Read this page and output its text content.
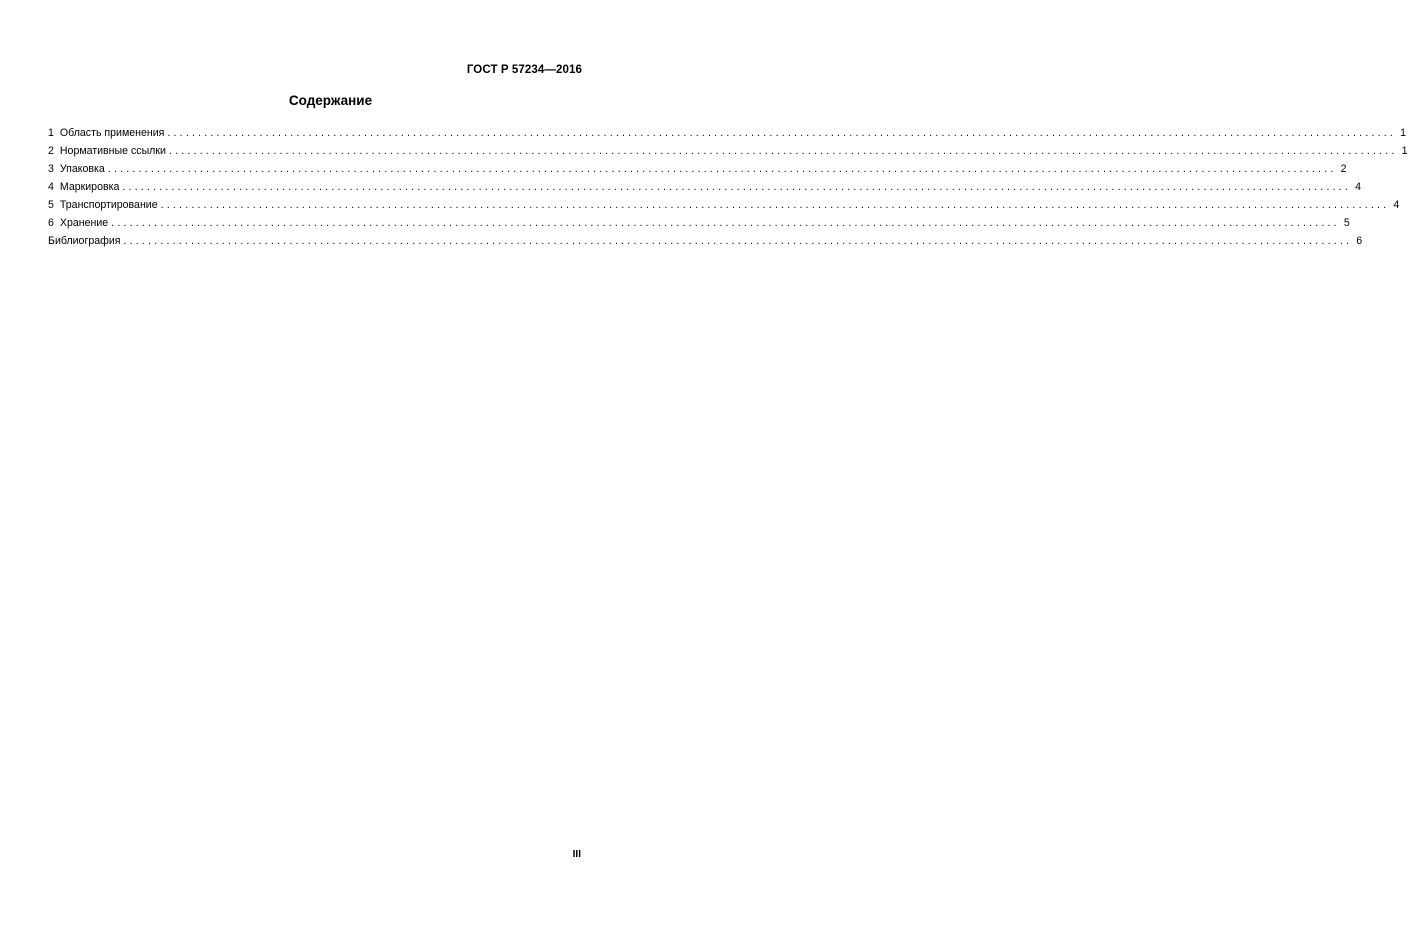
ГОСТ Р 57234—2016
Содержание
1 Область применения ........................................................................................................................................................................................................ 1
2 Нормативные ссылки ........................................................................................................................................................................................................ 1
3 Упаковка ........................................................................................................................................................................................................ 2
4 Маркировка ........................................................................................................................................................................................................ 4
5 Транспортирование ........................................................................................................................................................................................................ 4
6 Хранение ........................................................................................................................................................................................................ 5
Библиография ........................................................................................................................................................................................................ 6
III
